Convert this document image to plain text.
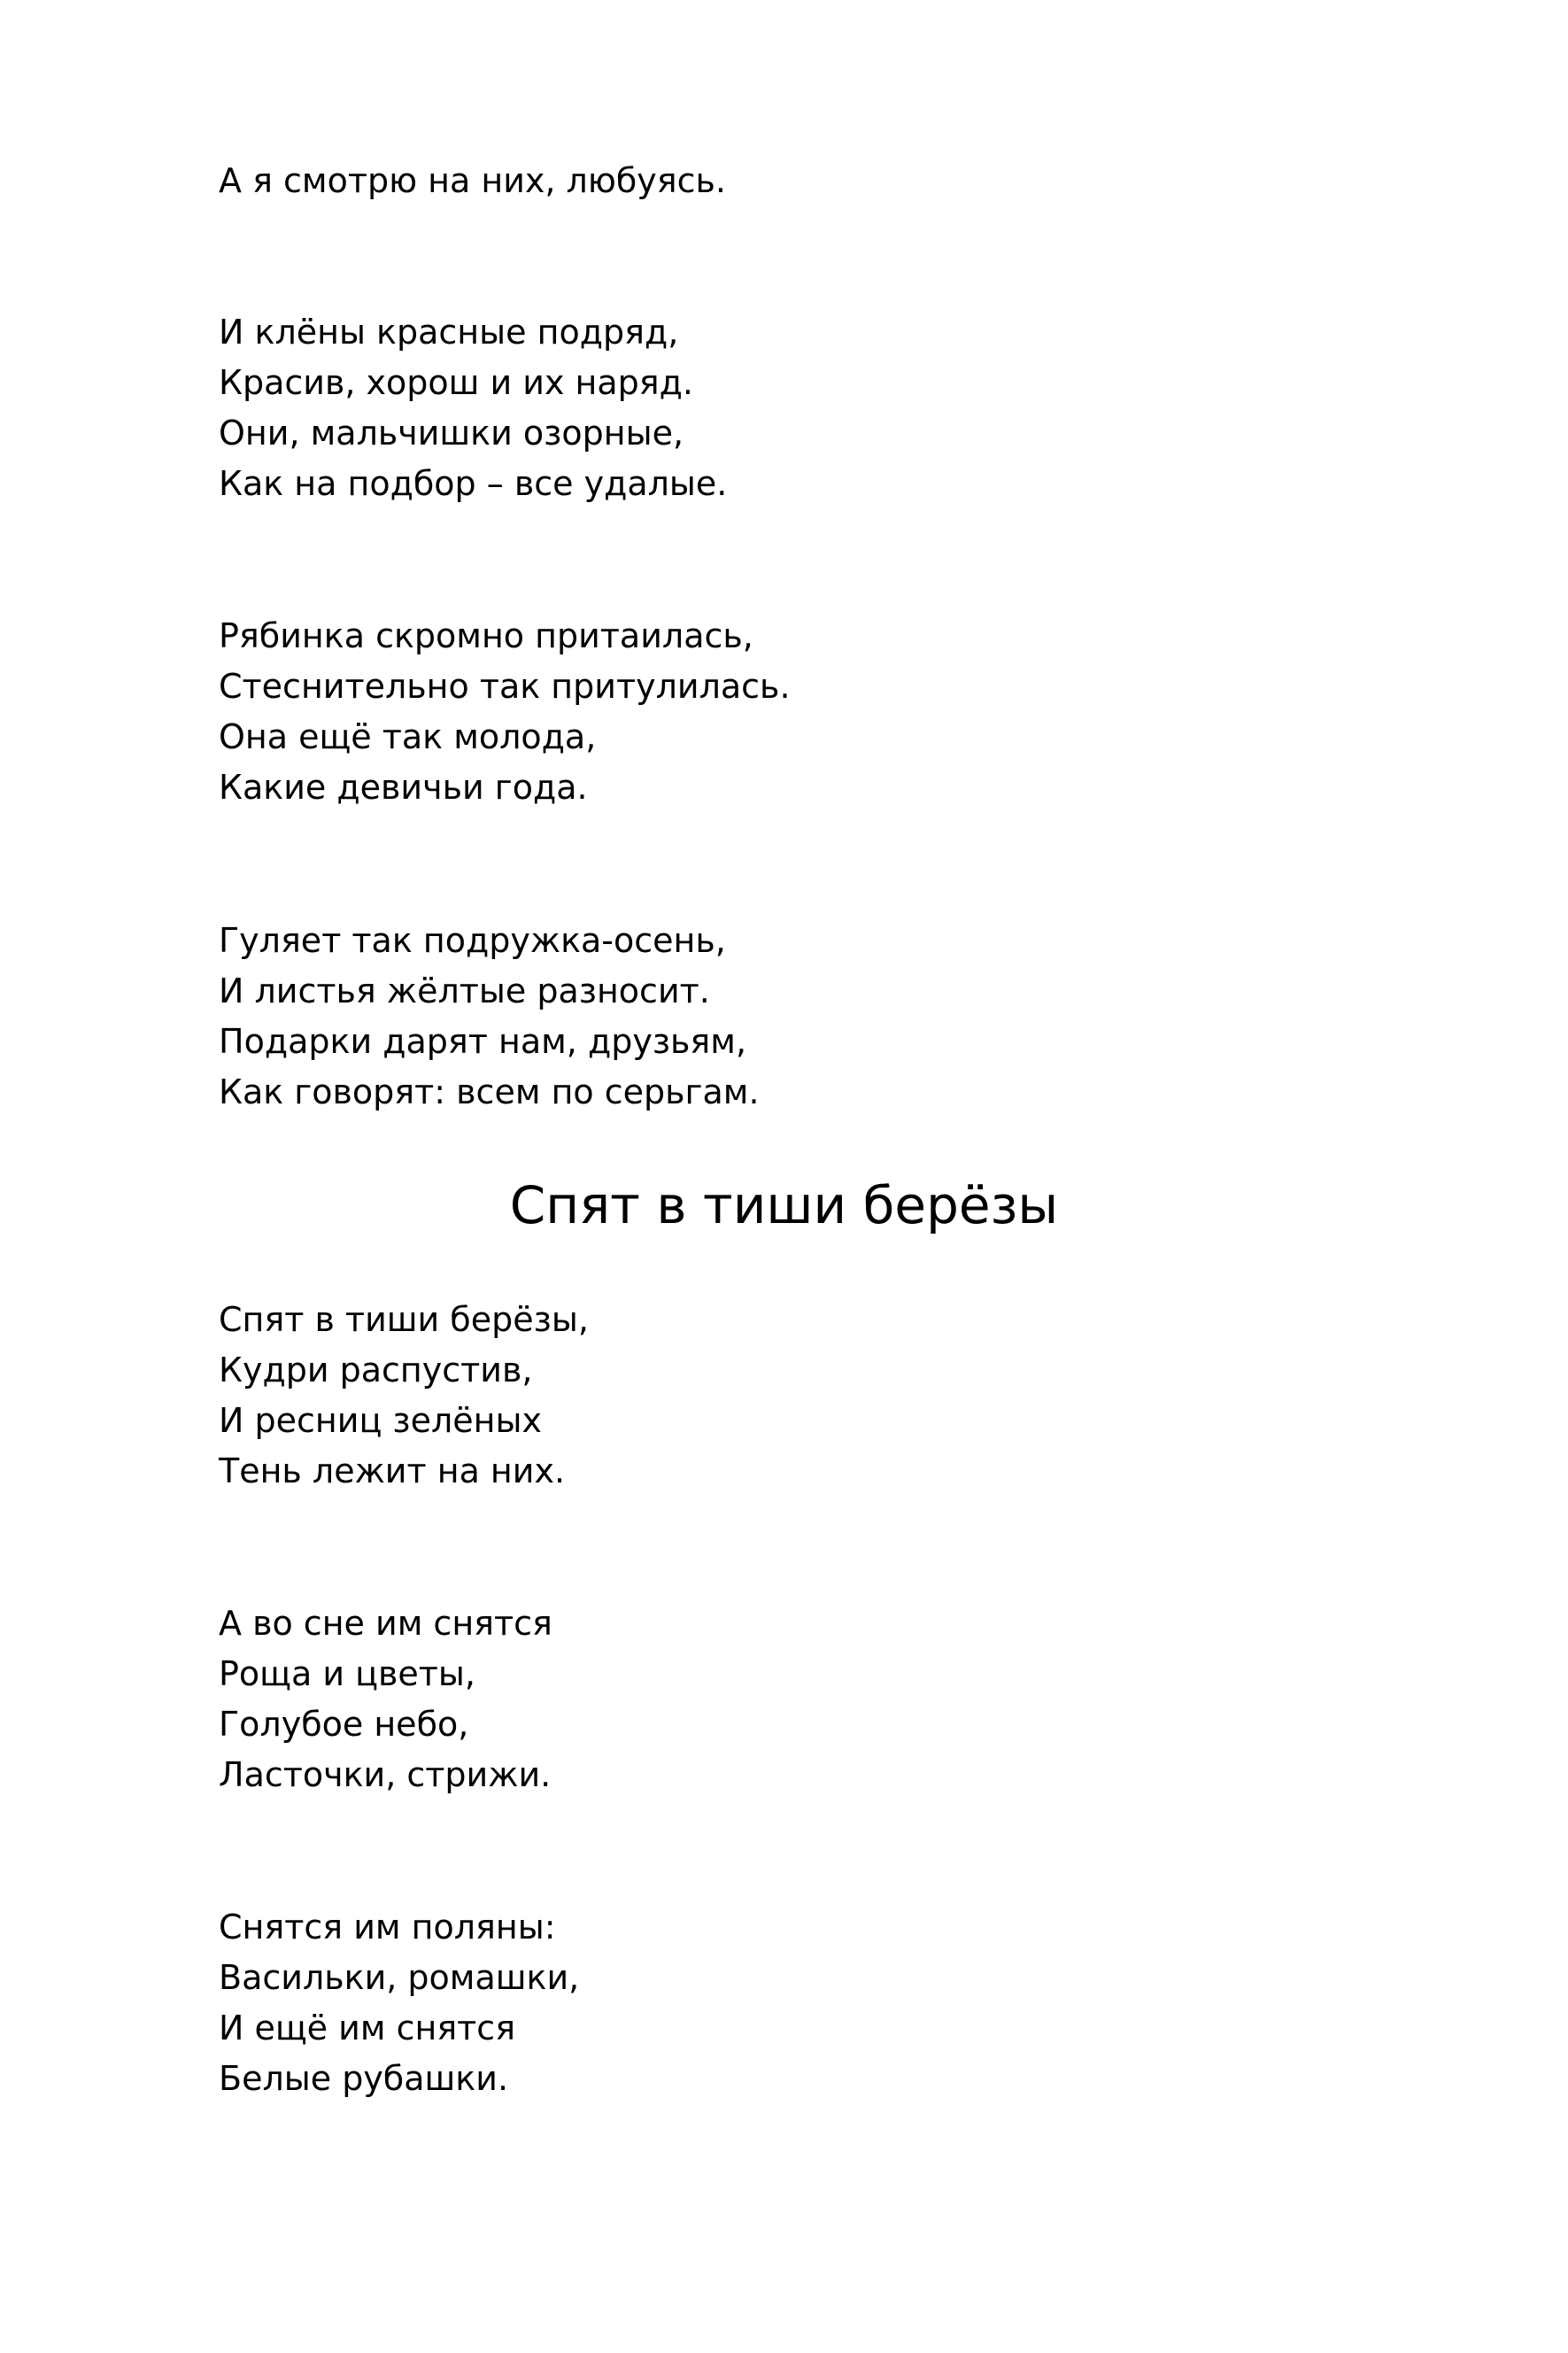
А я смотрю на них, любуясь.
И клёны красные подряд,
Красив, хорош и их наряд.
Они, мальчишки озорные,
Как на подбор – все удалые.
Рябинка скромно притаилась,
Стеснительно так притулилась.
Она ещё так молода,
Какие девичьи года.
Гуляет так подружка-осень,
И листья жёлтые разносит.
Подарки дарят нам, друзьям,
Как говорят: всем по серьгам.
Спят в тиши берёзы
Спят в тиши берёзы,
Кудри распустив,
И ресниц зелёных
Тень лежит на них.
А во сне им снятся
Роща и цветы,
Голубое небо,
Ласточки, стрижи.
Снятся им поляны:
Васильки, ромашки,
И ещё им снятся
Белые рубашки.
